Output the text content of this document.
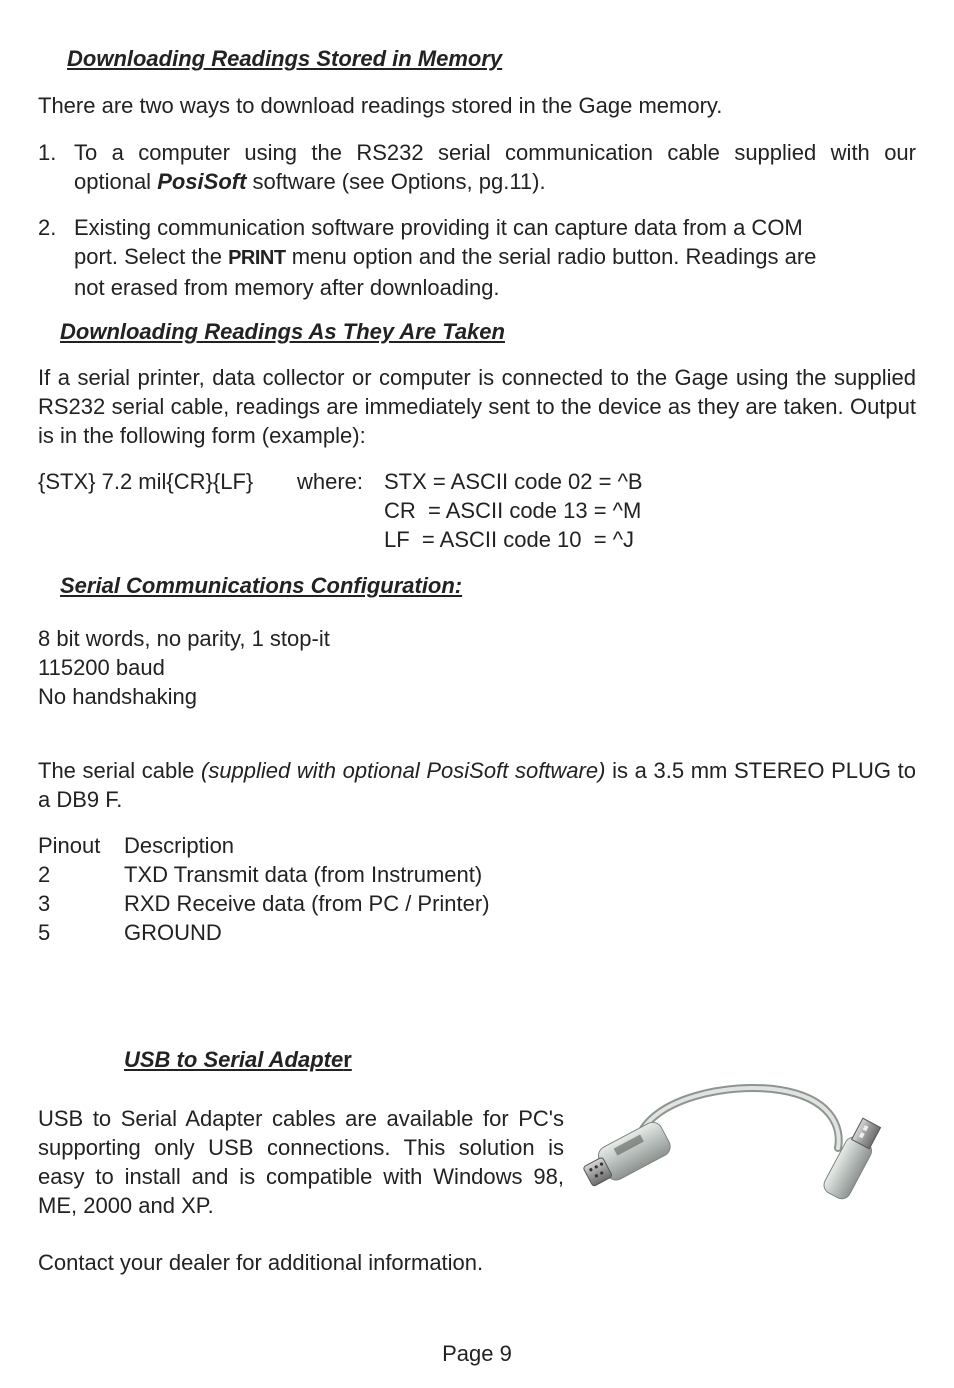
Downloading Readings Stored in Memory
There are two ways to download readings stored in the Gage memory.
1. To a computer using the RS232 serial communication cable supplied with our
optional PosiSoft software (see Options, pg.11).
2. Existing communication software providing it can capture data from a COM
port. Select the PRINT menu option and the serial radio button. Readings are
not erased from memory after downloading.
Downloading Readings As They Are Taken
If a serial printer, data collector or computer is connected to the Gage using the supplied RS232 serial cable, readings are immediately sent to the device as they are taken. Output is in the following form (example):
{STX} 7.2 mil{CR}{LF} where: STX = ASCII code 02 = ^B
CR  = ASCII code 13 = ^M
LF  = ASCII code 10  = ^J
Serial Communications Configuration:
8 bit words, no parity, 1 stop-it
115200 baud
No handshaking
The serial cable (supplied with optional PosiSoft software) is a 3.5 mm STEREO PLUG to a DB9 F.
Pinout Description
2	TXD Transmit data (from Instrument)
3	RXD Receive data (from PC / Printer)
5	GROUND
USB to Serial Adapter
USB to Serial Adapter cables are available for PC's supporting only USB connections. This solution is easy to install and is compatible with Windows 98, ME, 2000 and XP.
Contact your dealer for additional information.
Page 9
